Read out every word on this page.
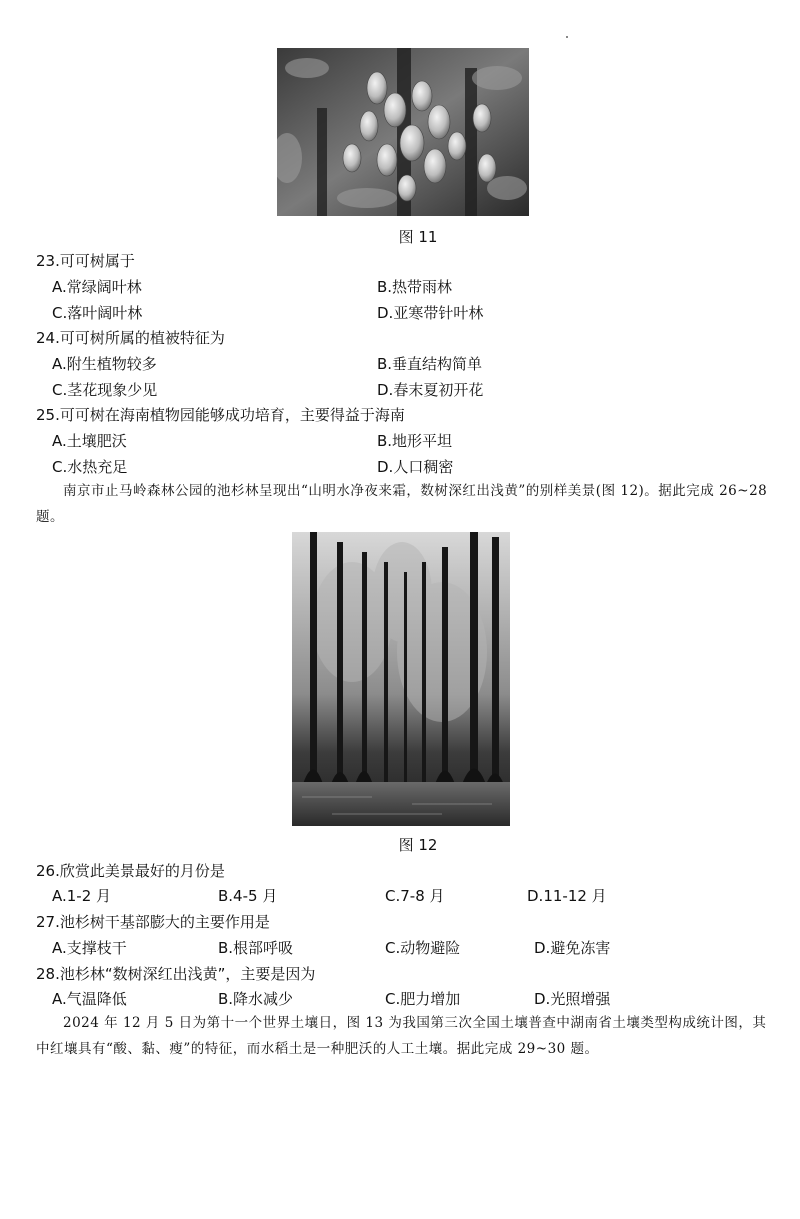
图 11
23.可可树属于
A.常绿阔叶林	B.热带雨林
C.落叶阔叶林	D.亚寒带针叶林
24.可可树所属的植被特征为
A.附生植物较多	B.垂直结构简单
C.茎花现象少见	D.春末夏初开花
25.可可树在海南植物园能够成功培育，主要得益于海南
A.土壤肥沃	B.地形平坦
C.水热充足	D.人口稠密
南京市止马岭森林公园的池杉林呈现出“山明水净夜来霜，数树深红出浅黄”的别样美景(图 12)。据此完成 26~28 题。
图 12
26.欣赏此美景最好的月份是
A.1-2 月	B.4-5 月	C.7-8 月	D.11-12 月
27.池杉树干基部膨大的主要作用是
A.支撑枝干	B.根部呼吸	C.动物避险	D.避免冻害
28.池杉林“数树深红出浅黄”，主要是因为
A.气温降低	B.降水减少	C.肥力增加	D.光照增强
2024 年 12 月 5 日为第十一个世界土壤日，图 13 为我国第三次全国土壤普查中湖南省土壤类型构成统计图，其中红壤具有“酸、黏、瘦”的特征，而水稻土是一种肥沃的人工土壤。据此完成 29~30 题。
